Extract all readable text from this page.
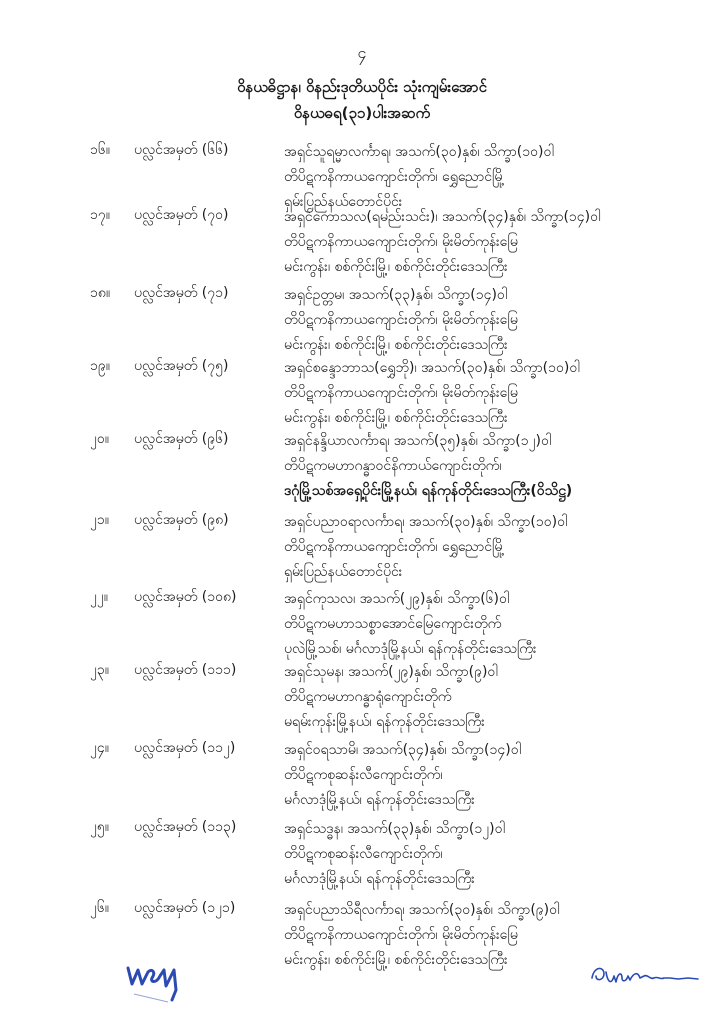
၄
ဝိနယဓိဋ္ဌာန၊ ဝိနည်းဒုတိယပိုင်း သုံးကျမ်းအောင်
ဝိနယဓရ(၃၁)ပါးအဆက်
၁၆။ ပလ္လင်အမှတ် (၆၆)	အရှင်သူရမ္မာလင်္ကာရ၊ အသက်(၃၀)နှစ်၊ သိက္ခာ(၁၀)ဝါ
တိပိဋကနိကာယကျောင်းတိုက်၊ ရွှေညောင်မြို့
ရှမ်းပြည်နယ်တောင်ပိုင်း
၁၇။ ပလ္လင်အမှတ် (၇၀)	အရှင်ကောသလ(ရမည်းသင်း)၊ အသက်(၃၄)နှစ်၊ သိက္ခာ(၁၄)ဝါ
တိပိဋကနိကာယကျောင်းတိုက်၊ မိုးမိတ်ကုန်းမြေ
မင်းကွန်း၊ စစ်ကိုင်းမြို့၊ စစ်ကိုင်းတိုင်းဒေသကြီး
၁၈။ ပလ္လင်အမှတ် (၇၁)	အရှင်ဥတ္တမ၊ အသက်(၃၃)နှစ်၊ သိက္ခာ(၁၄)ဝါ
တိပိဋကနိကာယကျောင်းတိုက်၊ မိုးမိတ်ကုန်းမြေ
မင်းကွန်း၊ စစ်ကိုင်းမြို့၊ စစ်ကိုင်းတိုင်းဒေသကြီး
၁၉။ ပလ္လင်အမှတ် (၇၅)	အရှင်စန္ဒောဘာသ(ရွှေဘို)၊ အသက်(၃၀)နှစ်၊ သိက္ခာ(၁၀)ဝါ
တိပိဋကနိကာယကျောင်းတိုက်၊ မိုးမိတ်ကုန်းမြေ
မင်းကွန်း၊ စစ်ကိုင်းမြို့၊ စစ်ကိုင်းတိုင်းဒေသကြီး
၂၀။ ပလ္လင်အမှတ် (၉၆)	အရှင်နန္ဒိယာလင်္ကာရ၊ အသက်(၃၅)နှစ်၊ သိက္ခာ(၁၂)ဝါ
တိပိဋကမဟာဂန္ဓာဝင်နိကာယ်ကျောင်းတိုက်၊
ဒဂုံမြို့သစ်အရှေ့ပိုင်းမြို့နယ်၊ ရန်ကုန်တိုင်းဒေသကြီး(ဝိသိဋ္ဌ)
၂၁။ ပလ္လင်အမှတ် (၉၈)	အရှင်ပညာဝရာလင်္ကာရ၊ အသက်(၃၀)နှစ်၊ သိက္ခာ(၁၀)ဝါ
တိပိဋကနိကာယကျောင်းတိုက်၊ ရွှေညောင်မြို့
ရှမ်းပြည်နယ်တောင်ပိုင်း
၂၂။ ပလ္လင်အမှတ် (၁၀၈)	အရှင်ကုသလ၊ အသက်(၂၉)နှစ်၊ သိက္ခာ(၆)ဝါ
တိပိဋကမဟာသစ္စာအောင်မြေကျောင်းတိုက်
ပုလဲမြို့သစ်၊ မင်္ဂလာဒုံမြို့နယ်၊ ရန်ကုန်တိုင်းဒေသကြီး
၂၃။ ပလ္လင်အမှတ် (၁၁၁)	အရှင်သုမန၊ အသက်(၂၉)နှစ်၊ သိက္ခာ(၉)ဝါ
တိပိဋကမဟာဂန္ဓာရုံကျောင်းတိုက်
မရမ်းကုန်းမြို့နယ်၊ ရန်ကုန်တိုင်းဒေသကြီး
၂၄။ ပလ္လင်အမှတ် (၁၁၂)	အရှင်ဝရသာမိ၊ အသက်(၃၄)နှစ်၊ သိက္ခာ(၁၄)ဝါ
တိပိဋကစုဆန်းလီကျောင်းတိုက်၊
မင်္ဂလာဒုံမြို့နယ်၊ ရန်ကုန်တိုင်းဒေသကြီး
၂၅။ ပလ္လင်အမှတ် (၁၁၃)	အရှင်သဒ္ဓန၊ အသက်(၃၃)နှစ်၊ သိက္ခာ(၁၂)ဝါ
တိပိဋကစုဆန်းလီကျောင်းတိုက်၊
မင်္ဂလာဒုံမြို့နယ်၊ ရန်ကုန်တိုင်းဒေသကြီး
၂၆။ ပလ္လင်အမှတ် (၁၂၁)	အရှင်ပညာသိရီလင်္ကာရ၊ အသက်(၃၀)နှစ်၊ သိက္ခာ(၉)ဝါ
တိပိဋကနိကာယကျောင်းတိုက်၊ မိုးမိတ်ကုန်းမြေ
မင်းကွန်း၊ စစ်ကိုင်းမြို့၊ စစ်ကိုင်းတိုင်းဒေသကြီး
